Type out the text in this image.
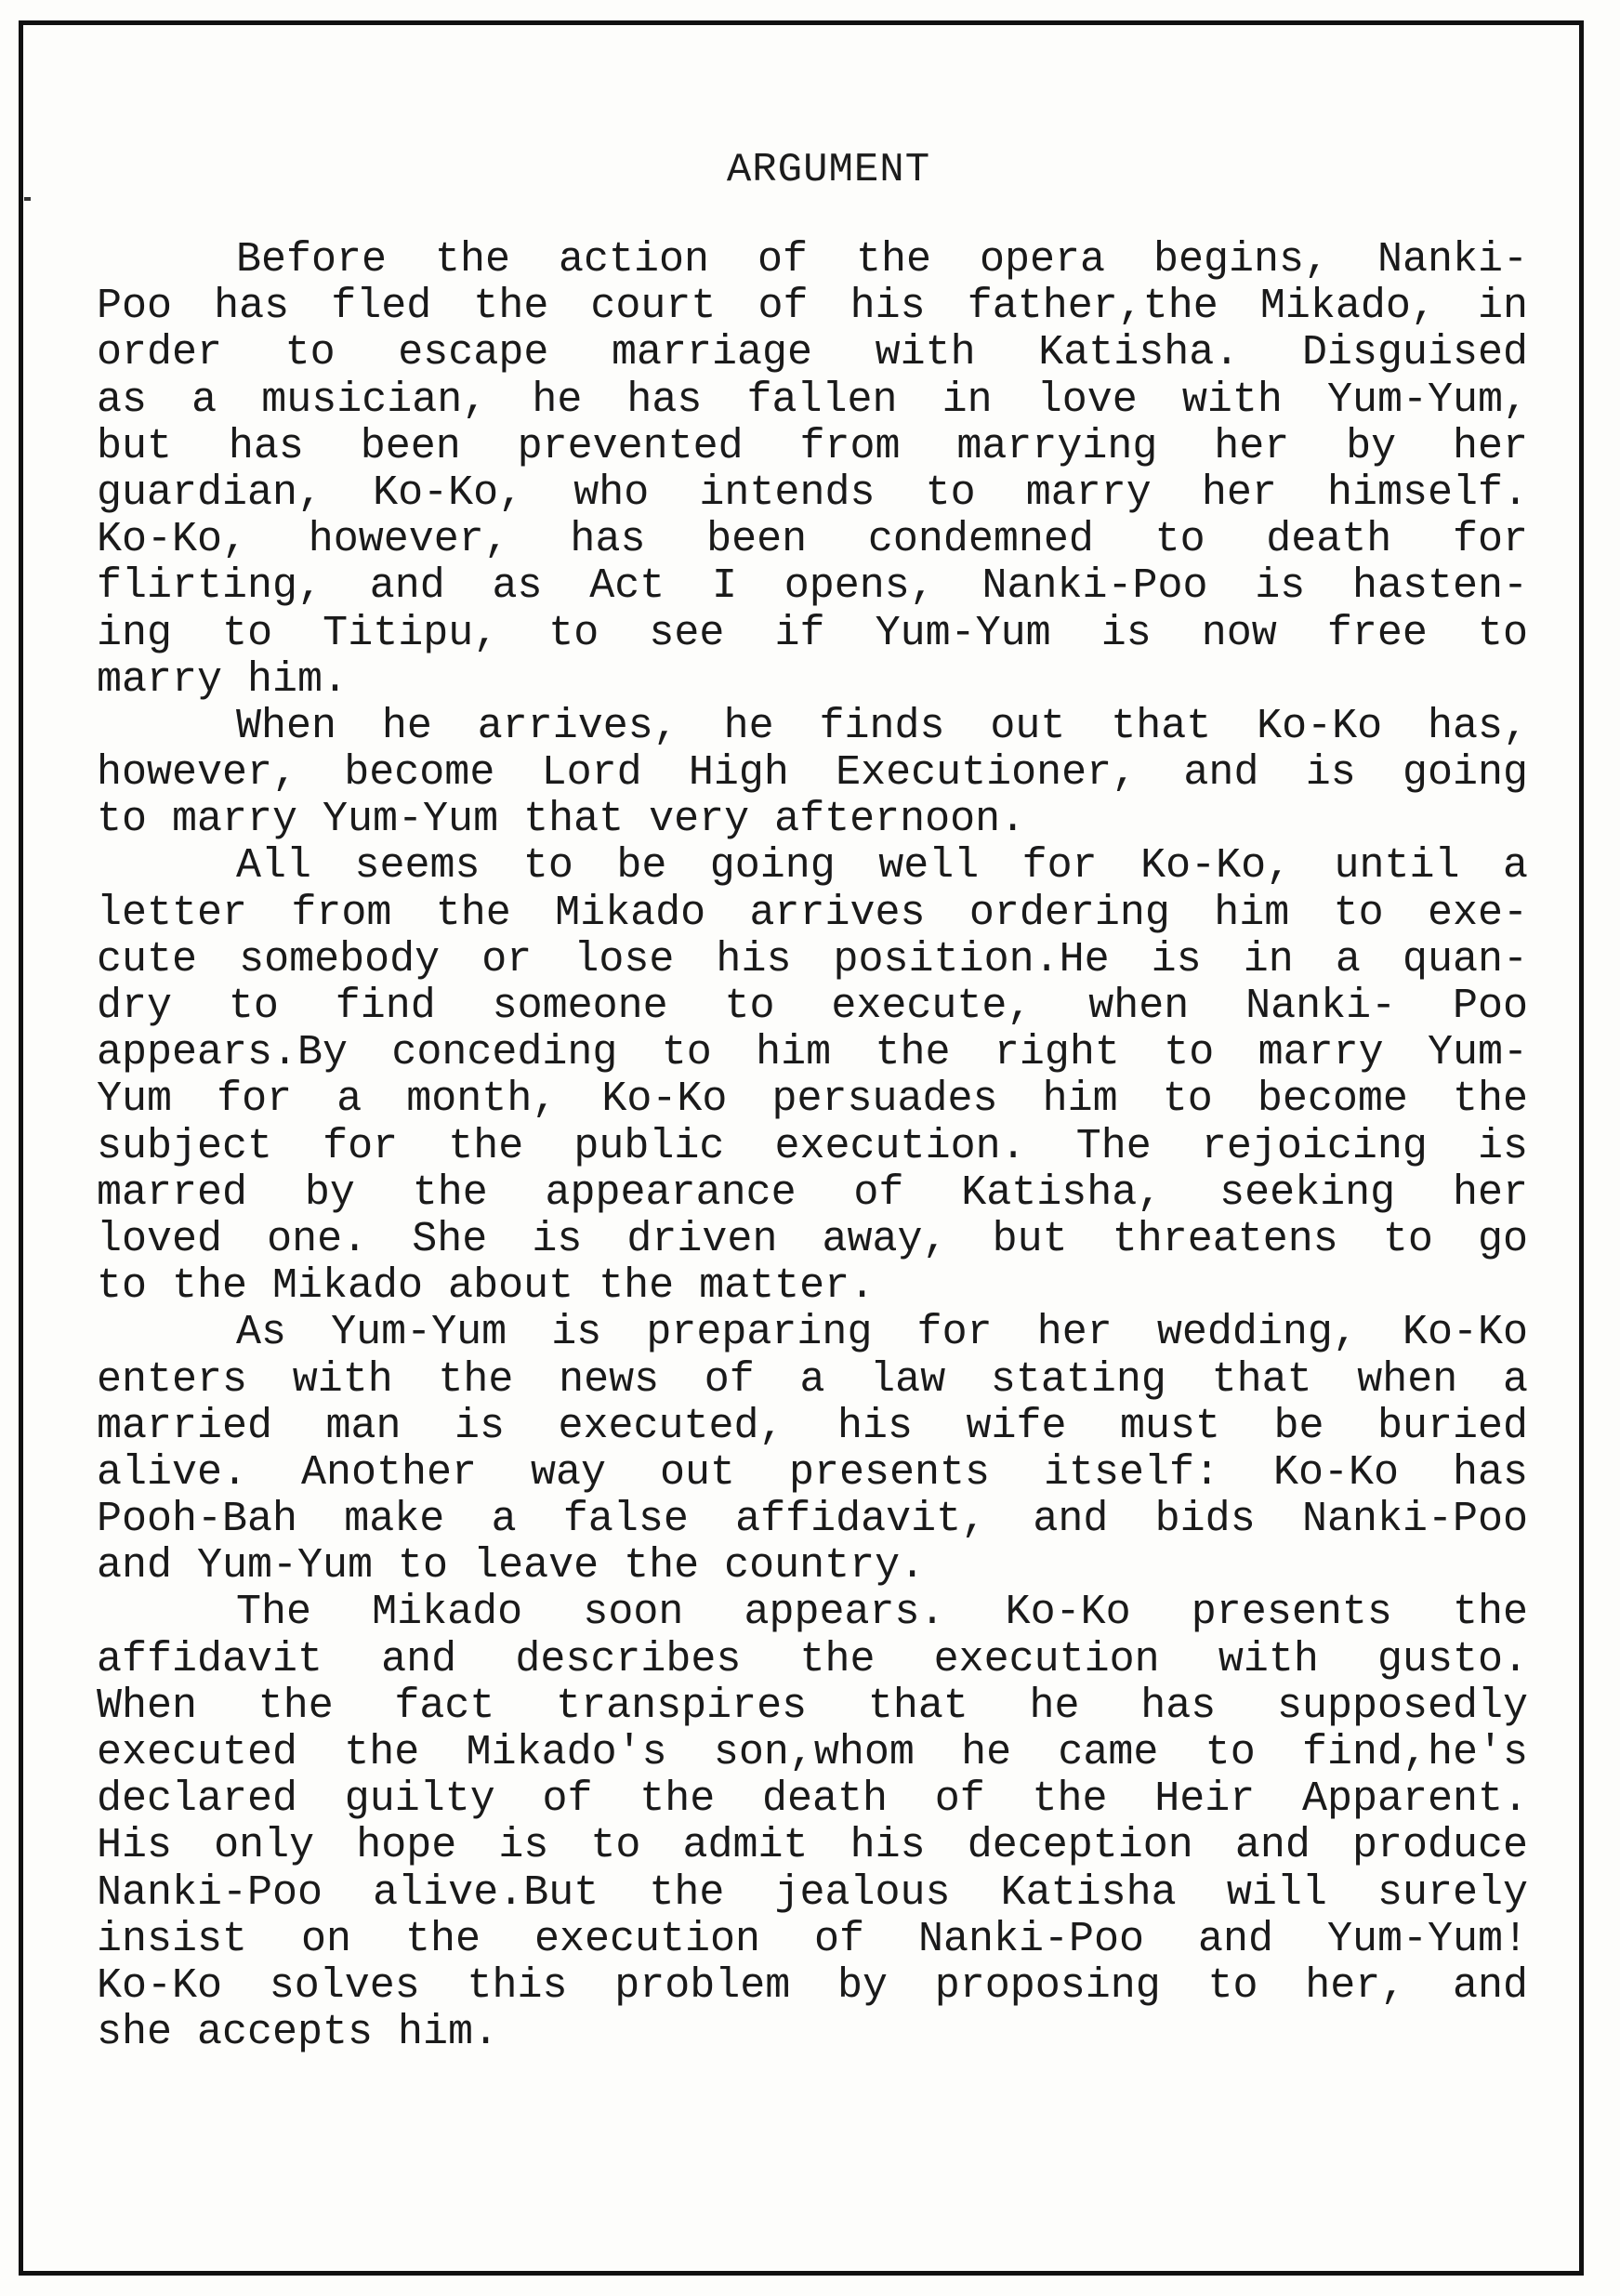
ARGUMENT
Before the action of the opera begins, Nanki-
Poo has fled the court of his father,the Mikado, in
order to escape marriage with Katisha. Disguised
as a musician, he has fallen in love with Yum-Yum,
but has been prevented from marrying her by her
guardian, Ko-Ko, who intends to marry her himself.
Ko-Ko, however, has been condemned to death for
flirting, and as Act I opens, Nanki-Poo is hasten-
ing to Titipu, to see if Yum-Yum is now free to
marry him.
When he arrives, he finds out that Ko-Ko has,
however, become Lord High Executioner, and is going
to marry Yum-Yum that very afternoon.
All seems to be going well for Ko-Ko, until a
letter from the Mikado arrives ordering him to exe-
cute somebody or lose his position.He is in a quan-
dry to find someone to execute, when Nanki- Poo
appears.By conceding to him the right to marry Yum-
Yum for a month, Ko-Ko persuades him to become the
subject for the public execution. The rejoicing is
marred by the appearance of Katisha, seeking her
loved one. She is driven away, but threatens to go
to the Mikado about the matter.
As Yum-Yum is preparing for her wedding, Ko-Ko
enters with the news of a law stating that when a
married man is executed, his wife must be buried
alive. Another way out presents itself: Ko-Ko has
Pooh-Bah make a false affidavit, and bids Nanki-Poo
and Yum-Yum to leave the country.
The Mikado soon appears. Ko-Ko presents the
affidavit and describes the execution with gusto.
When the fact transpires that he has supposedly
executed the Mikado's son,whom he came to find,he's
declared guilty of the death of the Heir Apparent.
His only hope is to admit his deception and produce
Nanki-Poo alive.But the jealous Katisha will surely
insist on the execution of Nanki-Poo and Yum-Yum!
Ko-Ko solves this problem by proposing to her, and
she accepts him.
